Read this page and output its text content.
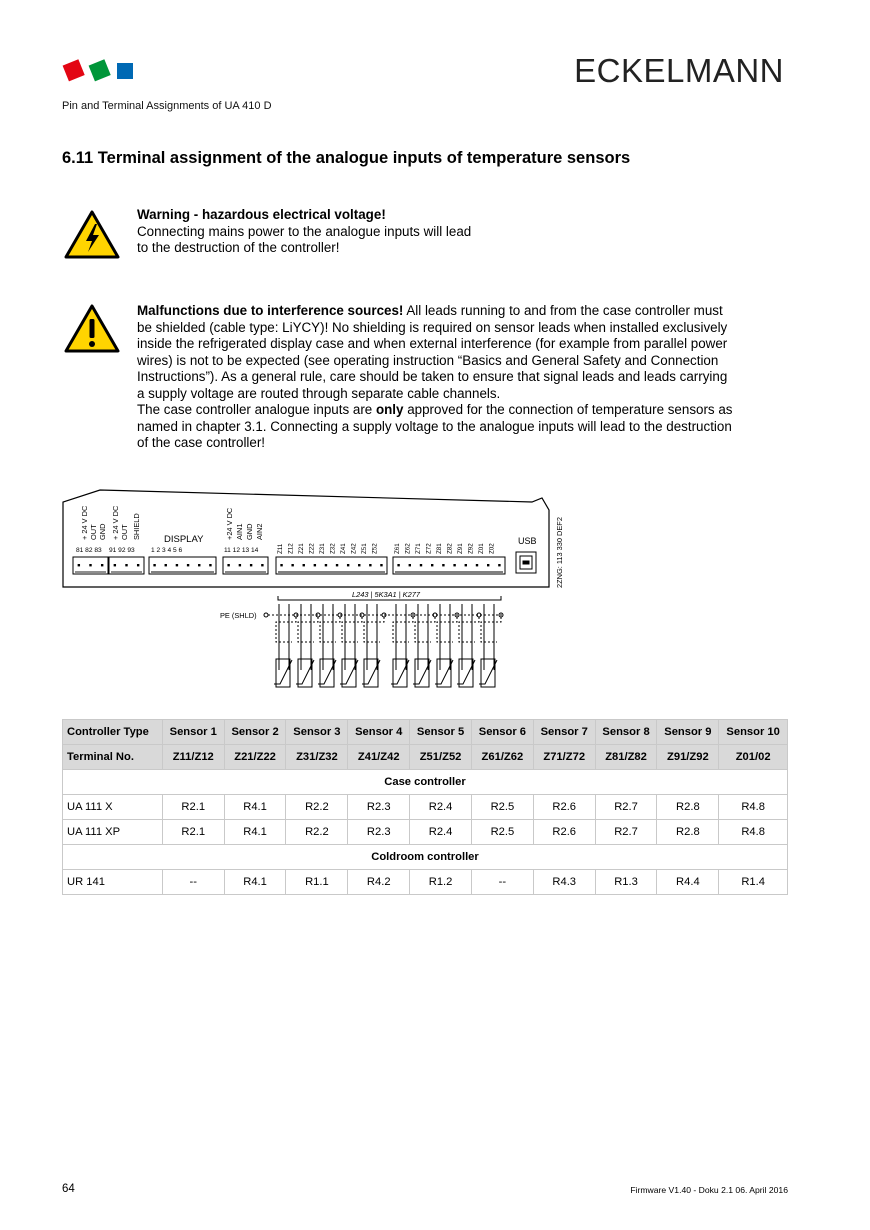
ECKELMANN
Pin and Terminal Assignments of UA 410 D
6.11 Terminal assignment of the analogue inputs of temperature sensors
Warning - hazardous electrical voltage!
Connecting mains power to the analogue inputs will lead
to the destruction of the controller!
Malfunctions due to interference sources! All leads running to and from the case controller must
be shielded (cable type: LiYCY)! No shielding is required on sensor leads when installed exclusively
inside the refrigerated display case and when external interference (for example from parallel power
wires) is not to be expected (see operating instruction “Basics and General Safety and Connection
Instructions”). As a general rule, care should be taken to ensure that signal leads and leads carrying
a supply voltage are routed through separate cable channels.
The case controller analogue inputs are only approved for the connection of temperature sensors as
named in chapter 3.1. Connecting a supply voltage to the analogue inputs will lead to the destruction
of the case controller!
+ 24 V DC OUT GND + 24 V DC OUT SHIELD	+24 V DC AIN1 GND AIN2
81 82 83 91 92 93 1 2 3 4 5 6	11 12 13 14
DISPLAY	USB
Z11 Z12 Z21 Z22 Z31 Z32 Z41 Z42 Z51 Z52	Z61 Z62 Z71 Z72 Z81 Z82 Z91 Z92 Z01 Z02	2ZNG: 113 330 DEF2
L243 | 5K3A1 | K277
PE (SHLD)
Controller Type	Sensor 1	Sensor 2	Sensor 3	Sensor 4	Sensor 5	Sensor 6	Sensor 7	Sensor 8	Sensor 9	Sensor 10
Terminal No.	Z11/Z12	Z21/Z22	Z31/Z32	Z41/Z42	Z51/Z52	Z61/Z62	Z71/Z72	Z81/Z82	Z91/Z92	Z01/02
Case controller										
UA 111 X	R2.1	R4.1	R2.2	R2.3	R2.4	R2.5	R2.6	R2.7	R2.8	R4.8
UA 111 XP	R2.1	R4.1	R2.2	R2.3	R2.4	R2.5	R2.6	R2.7	R2.8	R4.8
Coldroom controller										
UR 141	--	R4.1	R1.1	R4.2	R1.2	--	R4.3	R1.3	R4.4	R1.4
64	Firmware V1.40 - Doku 2.1 06. April 2016
